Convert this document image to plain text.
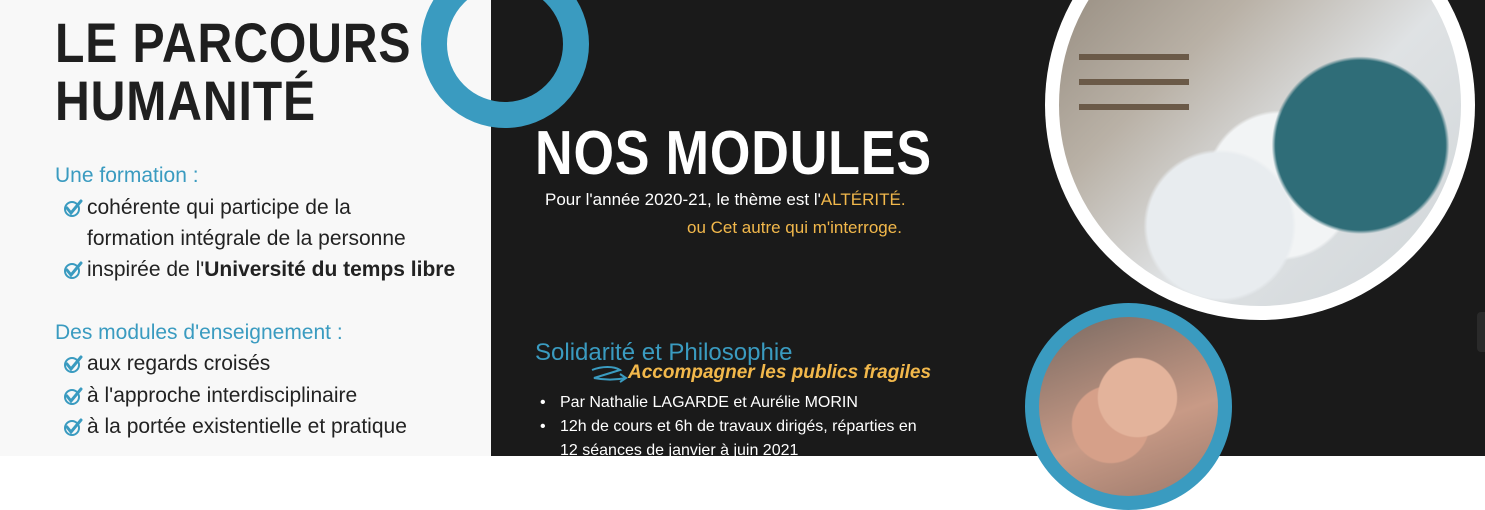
LE PARCOURS
HUMANITÉ
Une formation :
cohérente qui participe de la
formation intégrale de la personne
inspirée de l'Université du temps libre
Des modules d'enseignement :
aux regards croisés
à l'approche interdisciplinaire
à la portée existentielle et pratique
NOS MODULES
Pour l'année 2020-21, le thème est l'ALTÉRITÉ.
ou Cet autre qui m'interroge.
Solidarité et Philosophie
Accompagner les publics fragiles
• Par Nathalie LAGARDE et Aurélie MORIN
• 12h de cours et 6h de travaux dirigés, réparties en
12 séances de janvier à juin 2021
